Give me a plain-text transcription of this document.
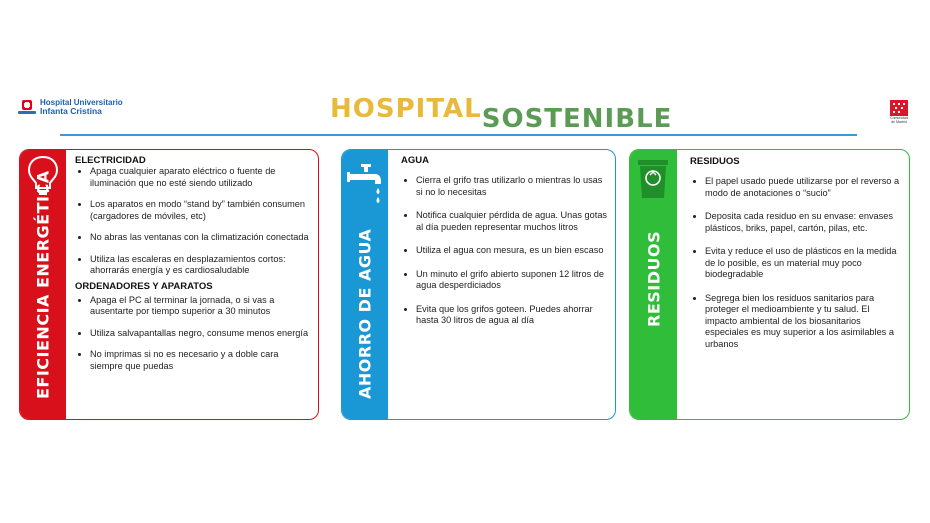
Hospital Universitario
Infanta Cristina	HOSPITALSOSTENIBLE	Comunidad de Madrid
EFICIENCIA ENERGÉTICA
ELECTRICIDAD
• Apaga cualquier aparato eléctrico o fuente de iluminación que no esté siendo utilizado
• Los aparatos en modo “stand by” también consumen (cargadores de móviles, etc)
• No abras las ventanas con la climatización conectada
• Utiliza las escaleras en desplazamientos cortos: ahorrarás energía y es cardiosaludable
ORDENADORES Y APARATOS
• Apaga el PC al terminar la jornada, o si vas a ausentarte por tiempo superior a 30 minutos
• Utiliza salvapantallas negro, consume menos energía
• No imprimas si no es necesario y a doble cara siempre que puedas	AHORRO DE AGUA
AGUA
• Cierra el grifo tras utilizarlo o mientras lo usas si no lo necesitas
• Notifica cualquier pérdida de agua. Unas gotas al día pueden representar muchos litros
• Utiliza el agua con mesura, es un bien escaso
• Un minuto el grifo abierto suponen 12 litros de agua desperdiciados
• Evita que los grifos goteen. Puedes ahorrar hasta 30 litros de agua al día	RESIDUOS
RESIDUOS
• El papel usado puede utilizarse por el reverso a modo de anotaciones o “sucio”
• Deposita cada residuo en su envase: envases plásticos, briks, papel, cartón, pilas, etc.
• Evita y reduce el uso de plásticos en la medida de lo posible, es un material muy poco biodegradable
• Segrega bien los residuos sanitarios para proteger el medioambiente y tu salud. El impacto ambiental de los biosanitarios especiales es muy superior a los asimilables a urbanos
